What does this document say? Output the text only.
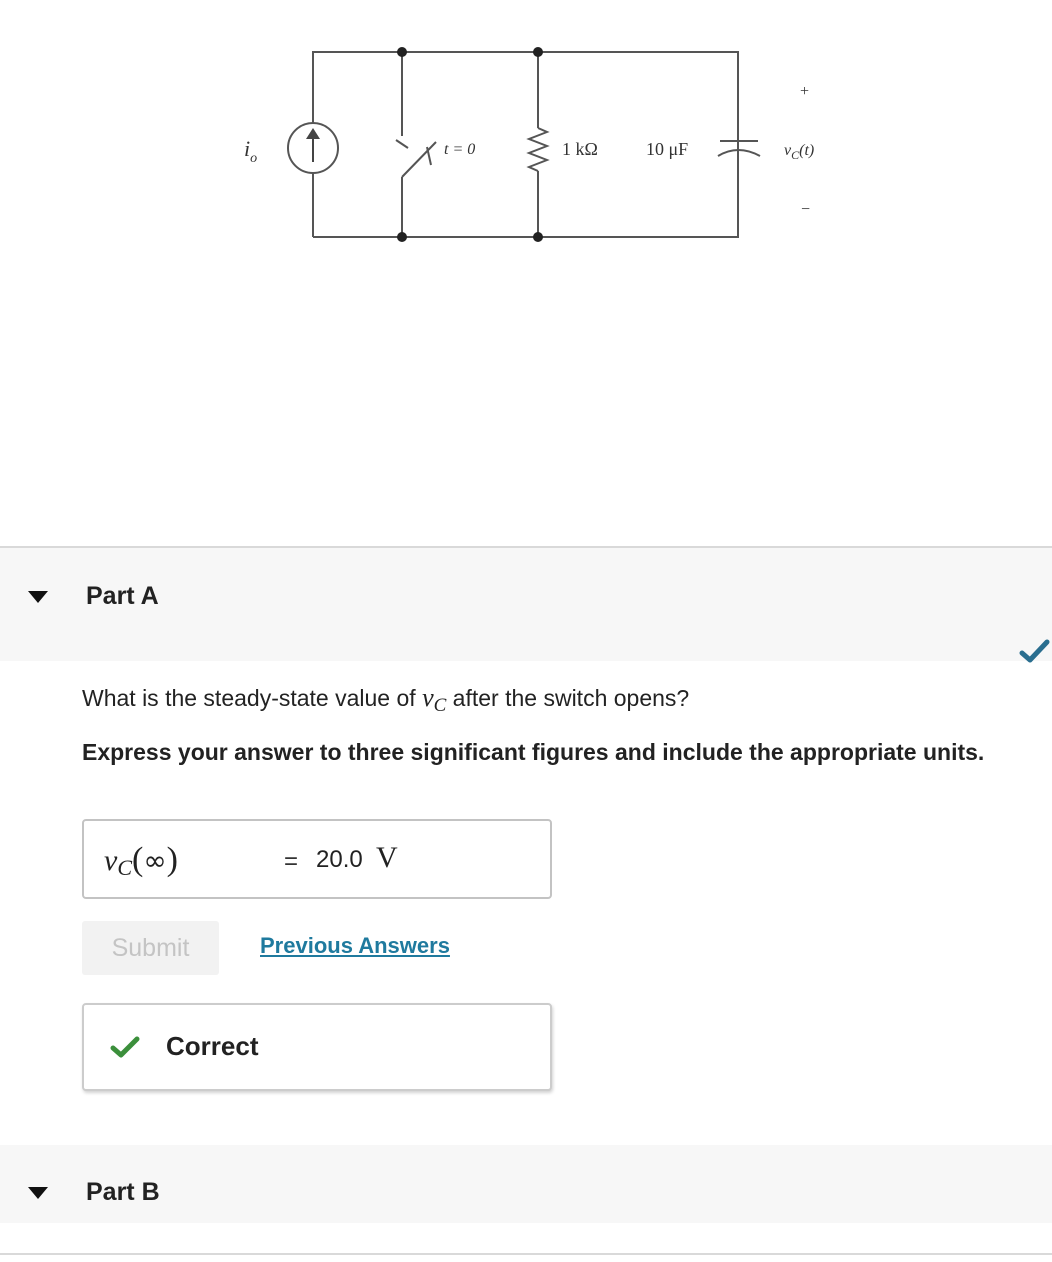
$i_o$
t = 0	1 kΩ	10 μF	$v_C(t)$
+
−
Part A
What is the steady-state value of $v_C$ after the switch opens?
Express your answer to three significant figures and include the appropriate units.
vC(∞)	= 20.0 V
Submit	Previous Answers
Correct
Part B
